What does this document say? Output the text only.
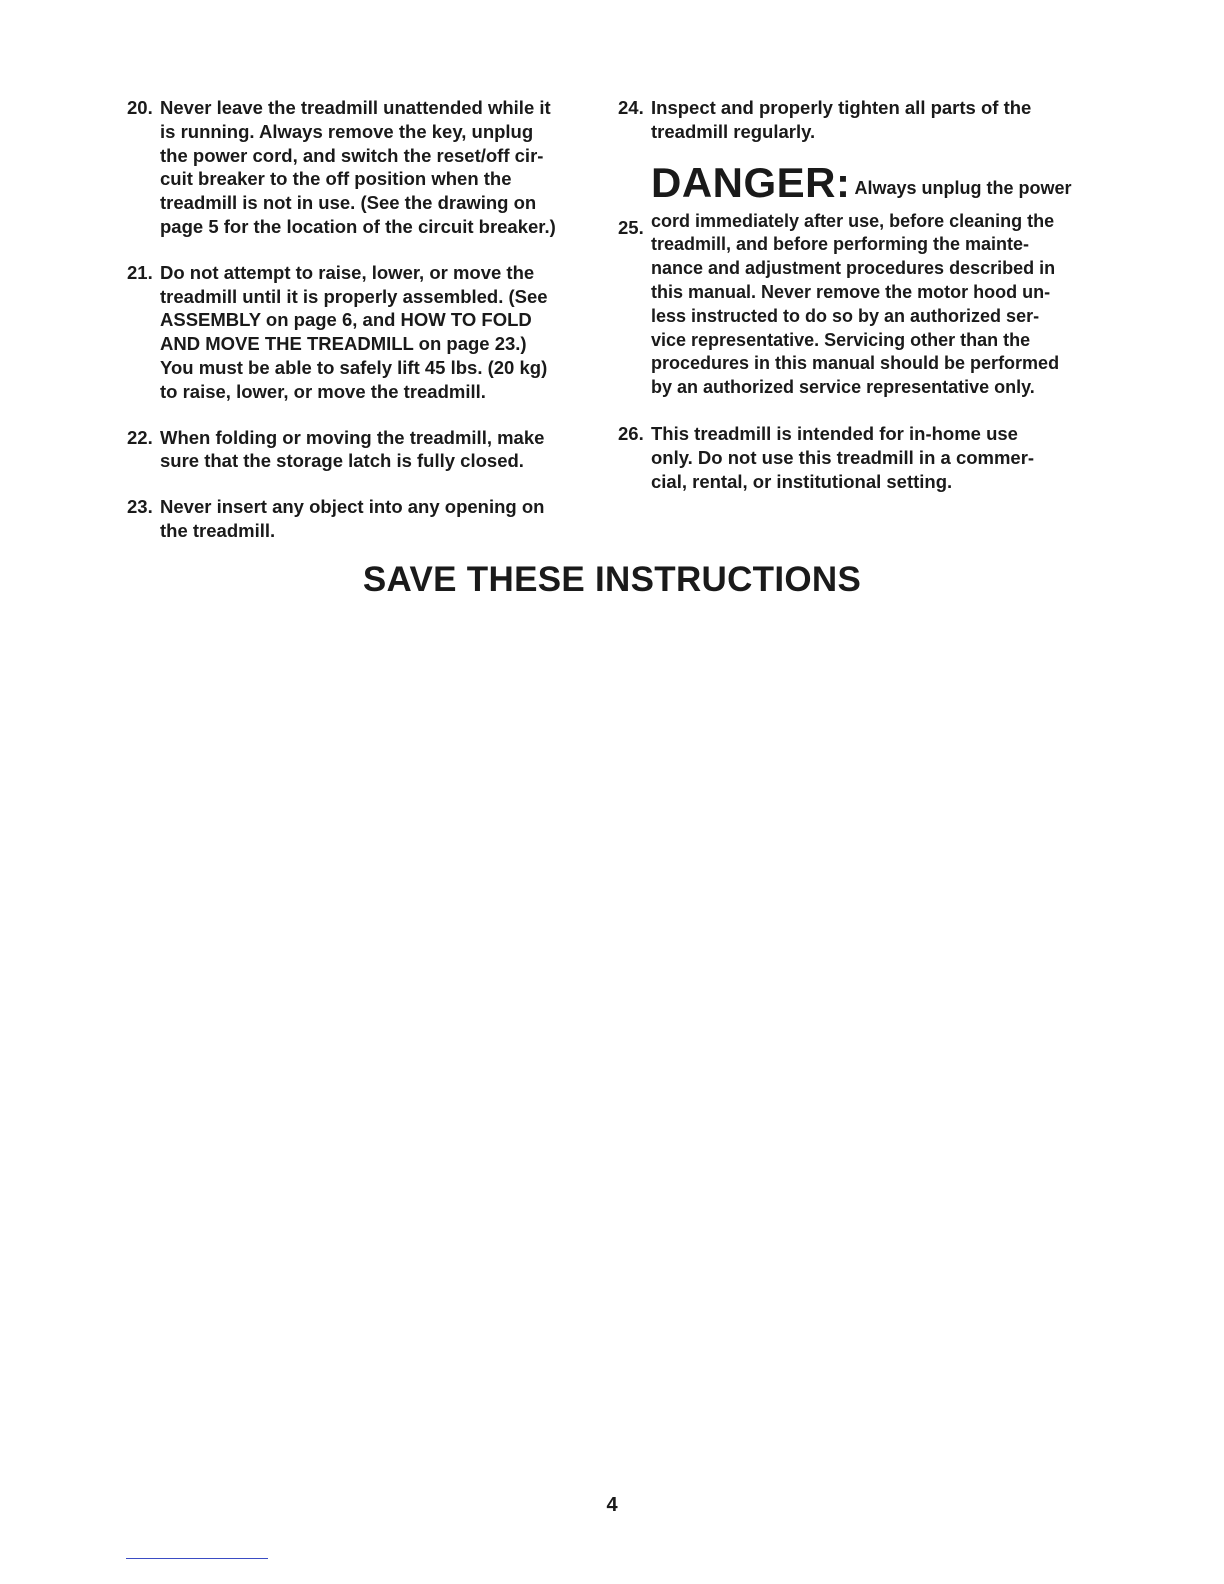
20. Never leave the treadmill unattended while it
is running. Always remove the key, unplug
the power cord, and switch the reset/off cir-
cuit breaker to the off position when the
treadmill is not in use. (See the drawing on
page 5 for the location of the circuit breaker.)
21. Do not attempt to raise, lower, or move the
treadmill until it is properly assembled. (See
ASSEMBLY on page 6, and HOW TO FOLD
AND MOVE THE TREADMILL on page 23.)
You must be able to safely lift 45 lbs. (20 kg)
to raise, lower, or move the treadmill.
22. When folding or moving the treadmill, make
sure that the storage latch is fully closed.
23. Never insert any object into any opening on
the treadmill.
24. Inspect and properly tighten all parts of the
treadmill regularly.
25.
DANGER: Always unplug the power
cord immediately after use, before cleaning the
treadmill, and before performing the mainte-
nance and adjustment procedures described in
this manual. Never remove the motor hood un-
less instructed to do so by an authorized ser-
vice representative. Servicing other than the
procedures in this manual should be performed
by an authorized service representative only.
26. This treadmill is intended for in-home use
only. Do not use this treadmill in a commer-
cial, rental, or institutional setting.
SAVE THESE INSTRUCTIONS
4
